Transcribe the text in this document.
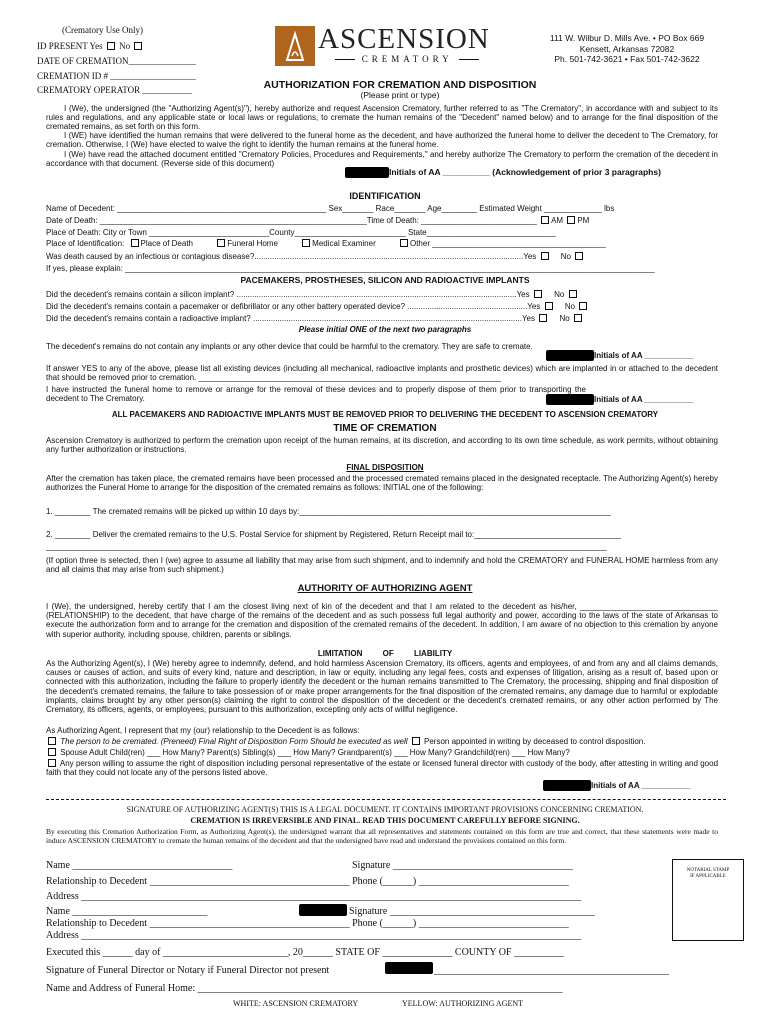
(Crematory Use Only)
ID PRESENT Yes No
DATE OF CREMATION_______________
CREMATION ID # ___________________
CREMATORY OPERATOR ___________
ASCENSION
CREMATORY
111 W. Wilbur D. Mills Ave. • PO Box 669
Kensett, Arkansas 72082
Ph. 501-742-3621 • Fax 501-742-3622
AUTHORIZATION FOR CREMATION AND DISPOSITION
(Please print or type)
I (We), the undersigned (the "Authorizing Agent(s)"), hereby authorize and request Ascension Crematory, further referred to as "The Crematory", in accordance with and subject to its rules and regulations, and any applicable state or local laws or regulations, to cremate the human remains of the "Decedent" named below) and to arrange for the final disposition of the cremated remains, as set forth on this form.
I (WE) have identified the human remains that were delivered to the funeral home as the decedent, and have authorized the funeral home to deliver the decedent to The Crematory, for cremation. Otherwise, I (We) have elected to waive the right to identify the human remains at the funeral home.
I (We) have read the attached document entitled "Crematory Policies, Procedures and Requirements," and hereby authorize The Crematory to perform the cremation of the decedent in accordance with that document. (Reverse side of this document)
Initials of AA __________ (Acknowledgement of prior 3 paragraphs)
IDENTIFICATION
Name of Decedent: _______________________________________________ Sex_______ Race_______ Age________ Estimated Weight _____________ lbs
Date of Death: ____________________________________________________________Time of Death: __________________________ AM PM
Place of Death: City or Town ___________________________County_________________________ State_____________________________
Place of Identification: Place of Death	Funeral Home	Medical Examiner	Other _______________________________________
Was death caused by an infectious or contagious disease?.........................................................................................................................Yes	No
If yes, please explain: _______________________________________________________________________________________________________________________
PACEMAKERS, PROSTHESES, SILICON AND RADIOACTIVE IMPLANTS
Did the decedent's remains contain a silicon implant? ..............................................................................................................................Yes	No
Did the decedent's remains contain a pacemaker or defibrillator or any other battery operated device? ......................................................Yes	No
Did the decedent's remains contain a radioactive implant? .........................................................................................................................Yes	No
Please initial ONE of the next two paragraphs
The decedent's remains do not contain any implants or any other device that could be harmful to the crematory. They are safe to cremate.
Initials of AA ___________
If answer YES to any of the above, please list all existing devices (including all mechanical, radioactive implants and prosthetic devices) which are implanted in or attached to the decedent that should be removed prior to cremation. ____________________________________________________________________
I have instructed the funeral home to remove or arrange for the removal of these devices and to properly dispose of them prior to transporting the decedent to The Crematory.	Initials of AA ___________
ALL PACEMAKERS AND RADIOACTIVE IMPLANTS MUST BE REMOVED PRIOR TO DELIVERING THE DECEDENT TO ASCENSION CREMATORY
TIME OF CREMATION
Ascension Crematory is authorized to perform the cremation upon receipt of the human remains, at its discretion, and according to its own time schedule, as work permits, without obtaining any further authorization or instructions.
FINAL DISPOSITION
After the cremation has taken place, the cremated remains have been processed and the processed cremated remains placed in the designated receptacle. The Authorizing Agent(s) hereby authorizes the Funeral Home to arrange for the disposition of the cremated remains as follows: INITIAL one of the following:
1. ________ The cremated remains will be picked up within 10 days by:______________________________________________________________________
2. ________ Deliver the cremated remains to the U.S. Postal Service for shipment by Registered, Return Receipt mail to:_________________________________
______________________________________________________________________________________________________________________________
(If option three is selected, then I (we) agree to assume all liability that may arise from such shipment, and to indemnify and hold the CREMATORY and FUNERAL HOME harmless from any and all claims that may arise from such shipment.)
AUTHORITY OF AUTHORIZING AGENT
I (We), the undersigned, hereby certify that I am the closest living next of kin of the decedent and that I am related to the decedent as his/her, _______________________________ (RELATIONSHIP) to the decedent, that have charge of the remains of the decedent and as such possess full legal authority and power, according to the laws of the state of Arkansas to execute the authorization form and to arrange for the cremation and disposition of the cremated remains of the decedent. In addition, I am aware of no objection to this cremation by anyone with superior authority, including spouse, children, parents or siblings.
LIMITATION OF LIABILITY
As the Authorizing Agent(s), I (We) hereby agree to indemnify, defend, and hold harmless Ascension Crematory, its officers, agents and employees, of and from any and all claims demands, causes or causes of action, and suits of every kind, nature and description, in law or equity, including any legal fees, costs and expenses of litigation, arising as a result of, based upon or connected with this authorization, including the failure to properly identify the decedent or the human remains transmitted to The Crematory, the processing, shipping and final disposition of the decedent's cremated remains, the failure to take possession of or make proper arrangements for the final disposition of the cremated remains, any damage due to harmful or explodable implants, claims brought by any other person(s) claiming the right to control the disposition of the decedent or the decedent's cremated remains, or any other action performed by The Crematory, its officers, agents, or employees, pursuant to this authorization, excepting only acts of willful negligence.
As Authorizing Agent, I represent that my (our) relationship to the Decedent is as follows:
The person to be cremated. (Preneed) Final Right of Disposition Form Should be executed as well Person appointed in writing by deceased to control disposition.
Spouse Adult Child(ren) ___ How Many? Parent(s) Sibling(s) ___ How Many? Grandparent(s) ___ How Many? Grandchild(ren) ___ How Many?
Any person willing to assume the right of disposition including personal representative of the estate or licensed funeral director with custody of the body, after attesting in writing and good faith that they could not locate any of the persons listed above.
Initials of AA ___________
SIGNATURE OF AUTHORIZING AGENT(S) THIS IS A LEGAL DOCUMENT. IT CONTAINS IMPORTANT PROVISIONS CONCERNING CREMATION.
CREMATION IS IRREVERSIBLE AND FINAL. READ THIS DOCUMENT CAREFULLY BEFORE SIGNING.
By executing this Cremation Authorization Form, as Authorizing Agent(s), the undersigned warrant that all representatives and statements contained on this form are true and correct, that these statements were made to induce ASCENSION CREMATORY to cremate the human remains of the decedent and that the undersigned have read and understand the provisions contained on this form.
Name ________________________________	Signature ____________________________________
Relationship to Decedent ________________________________________ Phone (______) ______________________________
Address ____________________________________________________________________________________________________
NOTARIAL STAMP
IF APPLICABLE
Name ___________________________	Signature _________________________________________
Relationship to Decedent ________________________________________ Phone (______) ______________________________
Address ____________________________________________________________________________________________________
Executed this ______ day of _________________________, 20______ STATE OF ______________ COUNTY OF __________
Signature of Funeral Director or Notary if Funeral Director not present	_______________________________________________
Name and Address of Funeral Home: _________________________________________________________________________
WHITE: ASCENSION CREMATORY	YELLOW: AUTHORIZING AGENT
